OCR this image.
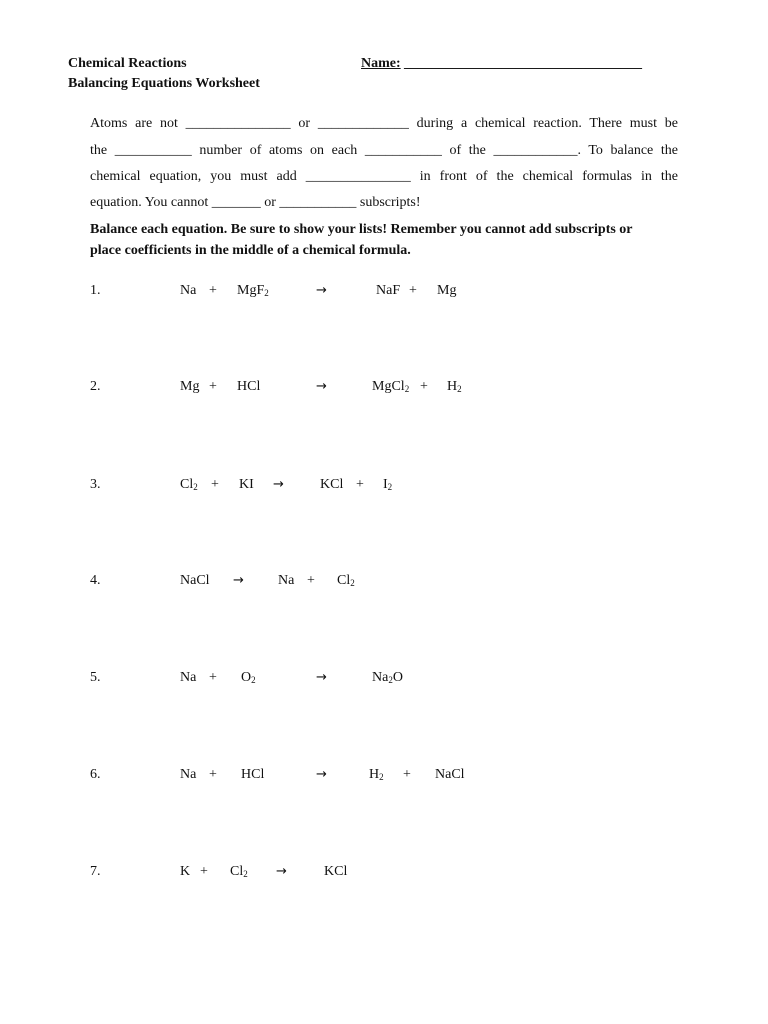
Chemical Reactions
Balancing Equations Worksheet
Name: __________________________________
Atoms are not _______________ or _____________ during a chemical reaction. There must be
the ___________ number of atoms on each ___________ of the ____________. To balance the
chemical equation, you must add _______________ in front of the chemical formulas in the
equation. You cannot _______ or ___________ subscripts!
Balance each equation. Be sure to show your lists! Remember you cannot add subscripts or
place coefficients in the middle of a chemical formula.
1.	Na + MgF$_2$	→	NaF + Mg
2.	Mg + HCl	→	MgCl$_2$ + $H_2$
3.	$Cl_2$ + KI →	KCl + $I_2$
4.	NaCl → $Na + Cl_2$
5.	$Na + O_2$	→	$Na_2O$
6.	Na + HCl	→	$H_2$ + NaCl
7.	$K + Cl_2$ →	KCl
